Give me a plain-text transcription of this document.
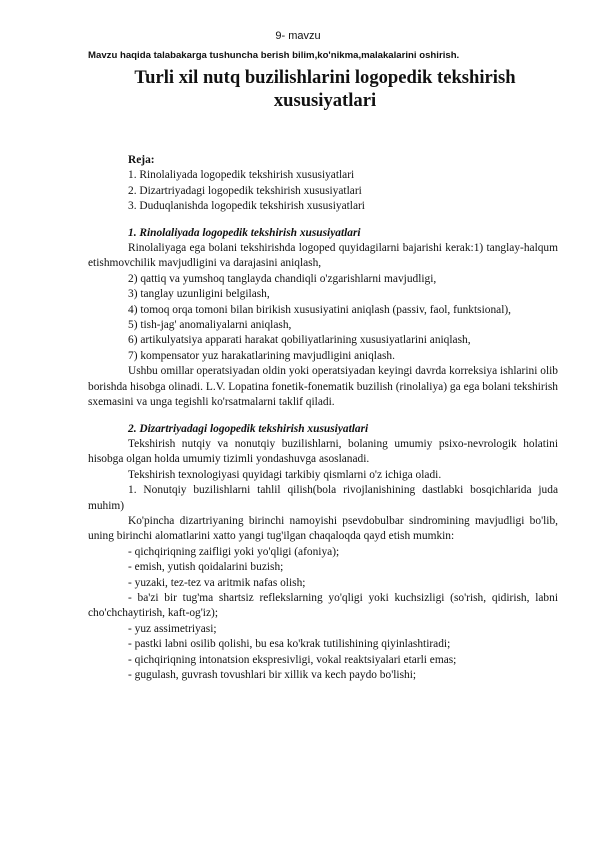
9- mavzu
Mavzu haqida talabakarga tushuncha berish bilim,ko'nikma,malakalarini oshirish.
Turli xil nutq buzilishlarini logopedik tekshirish xususiyatlari

Reja:

1. Rinolaliyada logopedik tekshirish xususiyatlari

2. Dizartriyadagi logopedik tekshirish xususiyatlari

3. Duduqlanishda logopedik tekshirish xususiyatlari

1. Rinolaliyada logopedik tekshirish xususiyatlari

Rinolaliyaga ega bolani tekshirishda logoped quyidagilarni bajarishi kerak:1) tanglay-halqum etishmovchilik mavjudligini va darajasini aniqlash,

2) qattiq va yumshoq tanglayda chandiqli o'zgarishlarni mavjudligi,

3) tanglay uzunligini belgilash,

4) tomoq orqa tomoni bilan birikish xususiyatini aniqlash (passiv, faol, funktsional),

5) tish-jag' anomaliyalarni aniqlash,

6) artikulyatsiya apparati harakat qobiliyatlarining xususiyatlarini aniqlash,

7) kompensator yuz harakatlarining mavjudligini aniqlash.

Ushbu omillar operatsiyadan oldin yoki operatsiyadan keyingi davrda korreksiya ishlarini olib borishda hisobga olinadi. L.V. Lopatina fonetik-fonematik buzilish (rinolaliya) ga ega bolani tekshirish sxemasini va unga tegishli ko'rsatmalarni taklif qiladi.

2. Dizartriyadagi logopedik tekshirish xususiyatlari

Tekshirish nutqiy va nonutqiy buzilishlarni, bolaning umumiy psixo-nevrologik holatini hisobga olgan holda umumiy tizimli yondashuvga asoslanadi.

Tekshirish texnologiyasi quyidagi tarkibiy qismlarni o'z ichiga oladi.

1. Nonutqiy buzilishlarni tahlil qilish(bola rivojlanishining dastlabki bosqichlarida juda muhim)

Ko'pincha dizartriyaning birinchi namoyishi psevdobulbar sindromining mavjudligi bo'lib, uning birinchi alomatlarini xatto yangi tug'ilgan chaqaloqda qayd etish mumkin:

- qichqiriqning zaifligi yoki yo'qligi (afoniya);

- emish, yutish qoidalarini buzish;

- yuzaki, tez-tez va aritmik nafas olish;

- ba'zi bir tug'ma shartsiz reflekslarning yo'qligi yoki kuchsizligi (so'rish, qidirish, labni cho'chchaytirish, kaft-og'iz);

- yuz assimetriyasi;

- pastki labni osilib qolishi, bu esa ko'krak tutilishining qiyinlashtiradi;

- qichqiriqning intonatsion ekspresivligi, vokal reaktsiyalari etarli emas;

- gugulash, guvrash tovushlari bir xillik va kech paydo bo'lishi;
